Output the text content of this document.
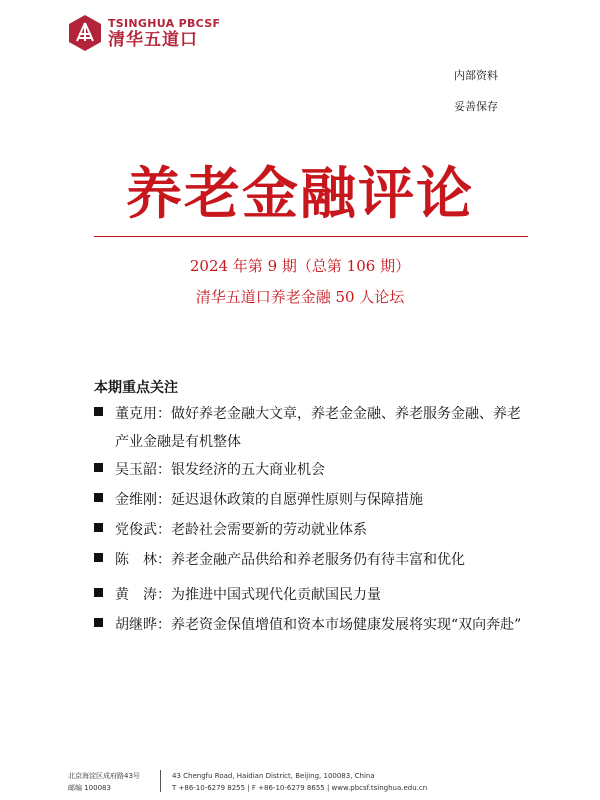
TSINGHUA PBCSF
清华五道口
内部资料
妥善保存
养老金融评论
2024 年第 9 期（总第 106 期）
清华五道口养老金融 50 人论坛
本期重点关注
董克用：做好养老金融大文章，养老金金融、养老服务金融、养老
产业金融是有机整体
吴玉韶：银发经济的五大商业机会
金维刚：延迟退休政策的自愿弹性原则与保障措施
党俊武：老龄社会需要新的劳动就业体系
陈　林：养老金融产品供给和养老服务仍有待丰富和优化
黄　涛：为推进中国式现代化贡献国民力量
胡继晔：养老资金保值增值和资本市场健康发展将实现“双向奔赴”
北京海淀区成府路43号
邮编 100083
43 Chengfu Road, Haidian District, Beijing, 100083, China
T +86-10-6279 8255 | F +86-10-6279 8655 | www.pbcsf.tsinghua.edu.cn
